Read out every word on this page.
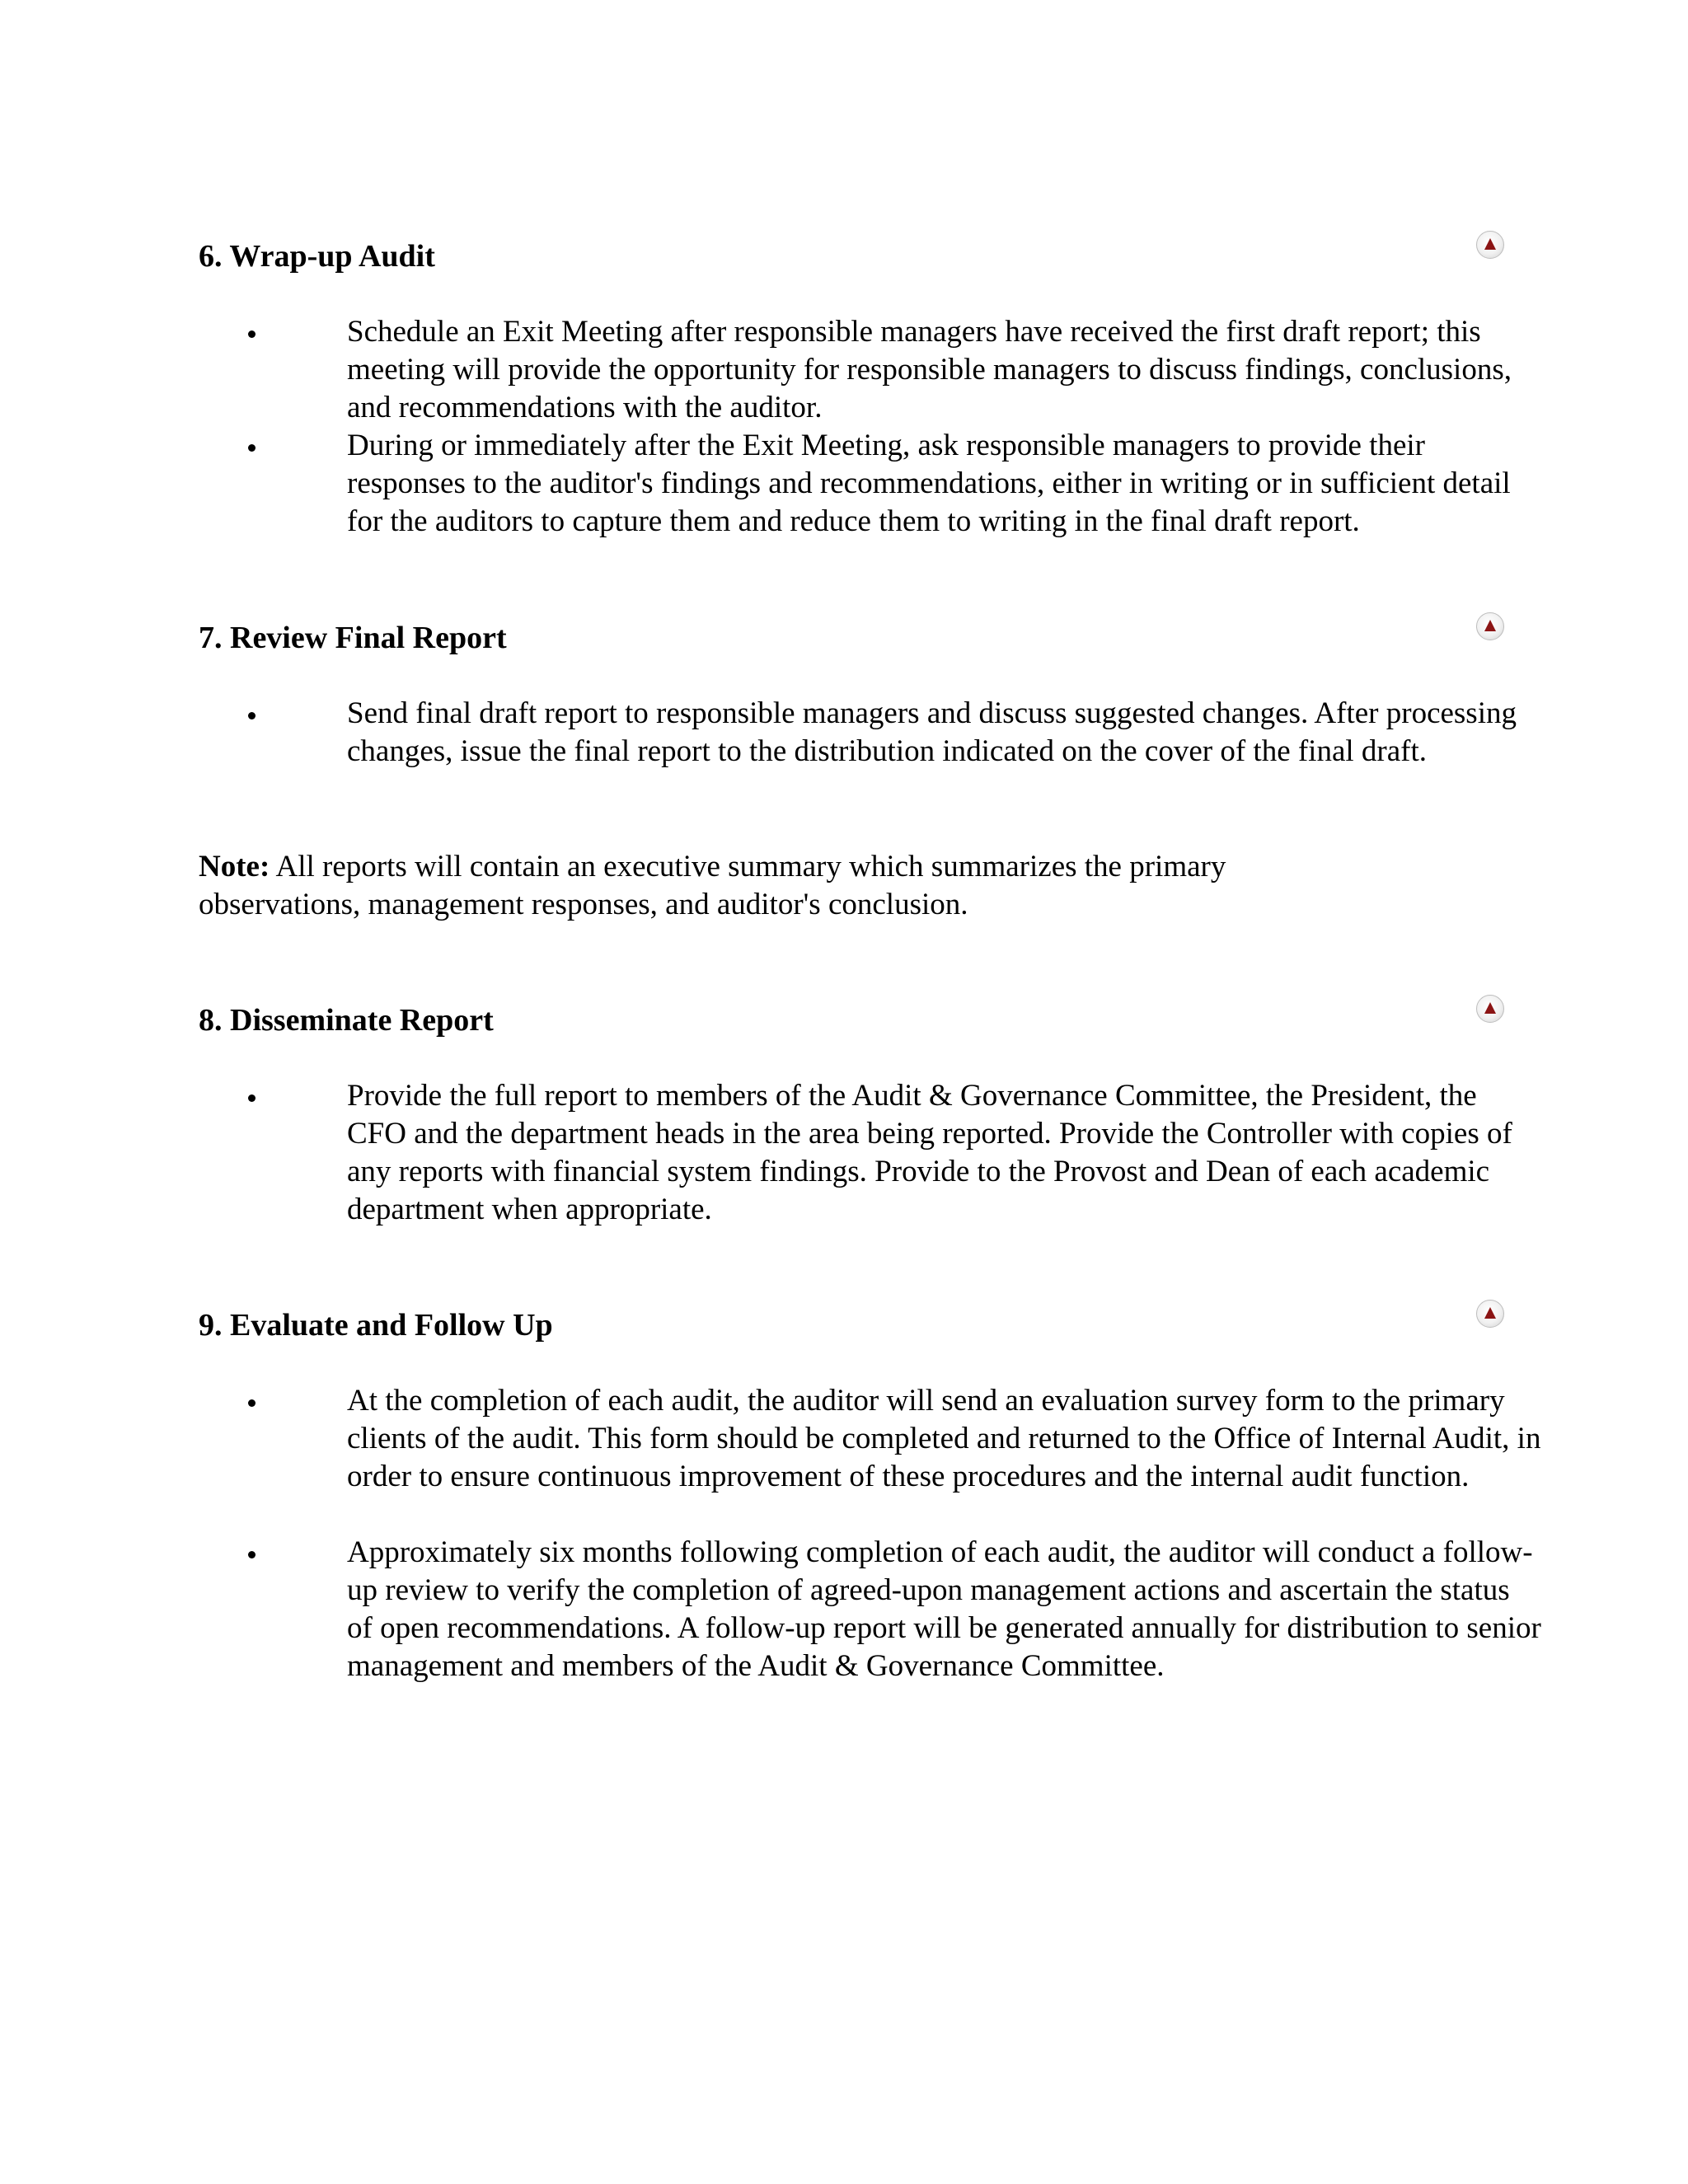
6. Wrap-up Audit
Schedule an Exit Meeting after responsible managers have received the first draft report; this meeting will provide the opportunity for responsible managers to discuss findings, conclusions, and recommendations with the auditor.
During or immediately after the Exit Meeting, ask responsible managers to provide their responses to the auditor's findings and recommendations, either in writing or in sufficient detail for the auditors to capture them and reduce them to writing in the final draft report.
7. Review Final Report
Send final draft report to responsible managers and discuss suggested changes. After processing changes, issue the final report to the distribution indicated on the cover of the final draft.

Note: All reports will contain an executive summary which summarizes the primary observations, management responses, and auditor's conclusion.

8. Disseminate Report
Provide the full report to members of the Audit & Governance Committee, the President, the CFO and the department heads in the area being reported. Provide the Controller with copies of any reports with financial system findings. Provide to the Provost and Dean of each academic department when appropriate.
9. Evaluate and Follow Up
At the completion of each audit, the auditor will send an evaluation survey form to the primary clients of the audit. This form should be completed and returned to the Office of Internal Audit, in order to ensure continuous improvement of these procedures and the internal audit function.
Approximately six months following completion of each audit, the auditor will conduct a follow-up review to verify the completion of agreed-upon management actions and ascertain the status of open recommendations. A follow-up report will be generated annually for distribution to senior management and members of the Audit & Governance Committee.
